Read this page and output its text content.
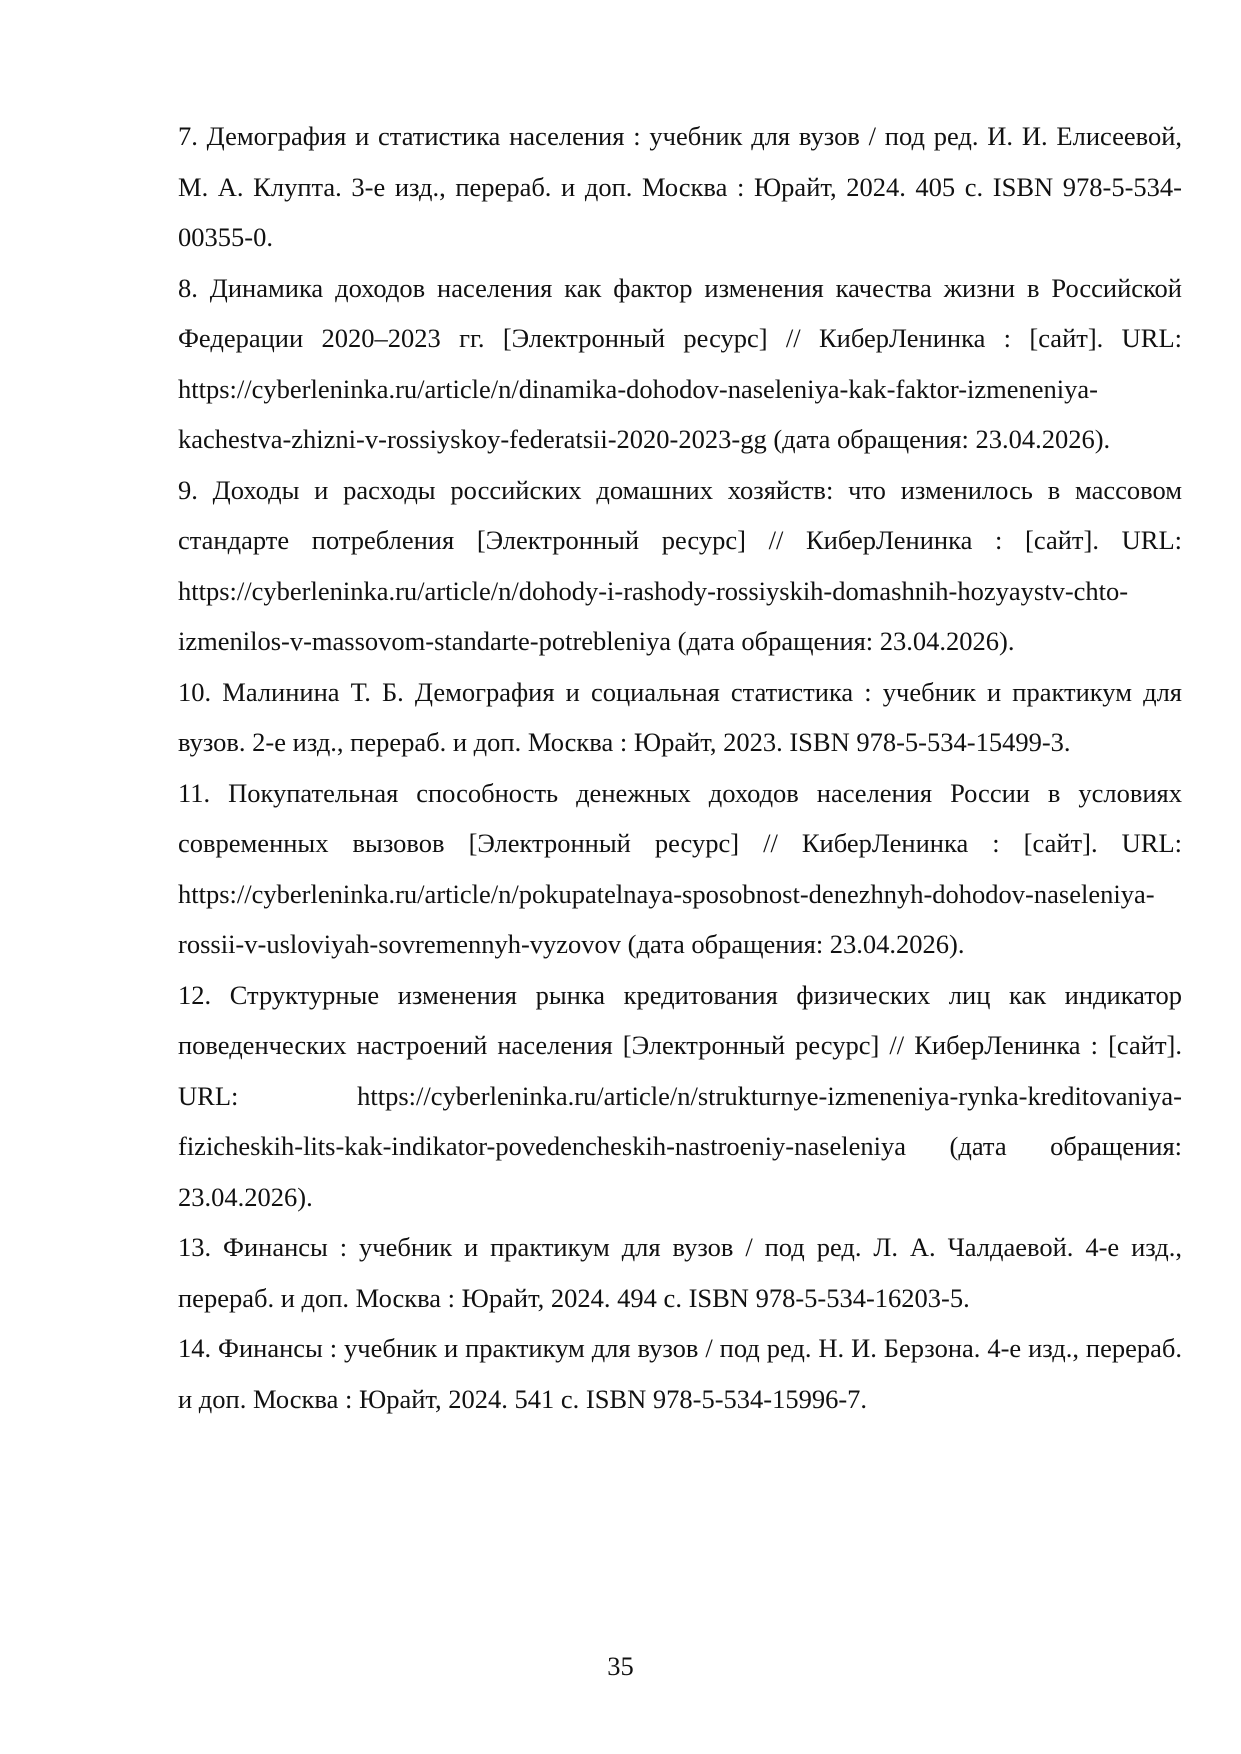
7. Демография и статистика населения : учебник для вузов / под ред. И. И. Елисеевой, М. А. Клупта. 3-е изд., перераб. и доп. Москва : Юрайт, 2024. 405 с. ISBN 978-5-534-00355-0.

8. Динамика доходов населения как фактор изменения качества жизни в Российской Федерации 2020–2023 гг. [Электронный ресурс] // КиберЛенинка : [сайт]. URL: https://cyberleninka.ru/article/n/dinamika-dohodov-naseleniya-kak-faktor-izmeneniya-kachestva-zhizni-v-rossiyskoy-federatsii-2020-2023-gg (дата обращения: 23.04.2026).

9. Доходы и расходы российских домашних хозяйств: что изменилось в массовом стандарте потребления [Электронный ресурс] // КиберЛенинка : [сайт]. URL: https://cyberleninka.ru/article/n/dohody-i-rashody-rossiyskih-domashnih-hozyaystv-chto-izmenilos-v-massovom-standarte-potrebleniya (дата обращения: 23.04.2026).

10. Малинина Т. Б. Демография и социальная статистика : учебник и практикум для вузов. 2-е изд., перераб. и доп. Москва : Юрайт, 2023. ISBN 978-5-534-15499-3.

11. Покупательная способность денежных доходов населения России в условиях современных вызовов [Электронный ресурс] // КиберЛенинка : [сайт]. URL: https://cyberleninka.ru/article/n/pokupatelnaya-sposobnost-denezhnyh-dohodov-naseleniya-rossii-v-usloviyah-sovremennyh-vyzovov (дата обращения: 23.04.2026).

12. Структурные изменения рынка кредитования физических лиц как индикатор поведенческих настроений населения [Электронный ресурс] // КиберЛенинка : [сайт]. URL: https://cyberleninka.ru/article/n/strukturnye-izmeneniya-rynka-kreditovaniya-fizicheskih-lits-kak-indikator-povedencheskih-nastroeniy-naseleniya (дата обращения: 23.04.2026).

13. Финансы : учебник и практикум для вузов / под ред. Л. А. Чалдаевой. 4-е изд., перераб. и доп. Москва : Юрайт, 2024. 494 с. ISBN 978-5-534-16203-5.

14. Финансы : учебник и практикум для вузов / под ред. Н. И. Берзона. 4-е изд., перераб. и доп. Москва : Юрайт, 2024. 541 с. ISBN 978-5-534-15996-7.

35
